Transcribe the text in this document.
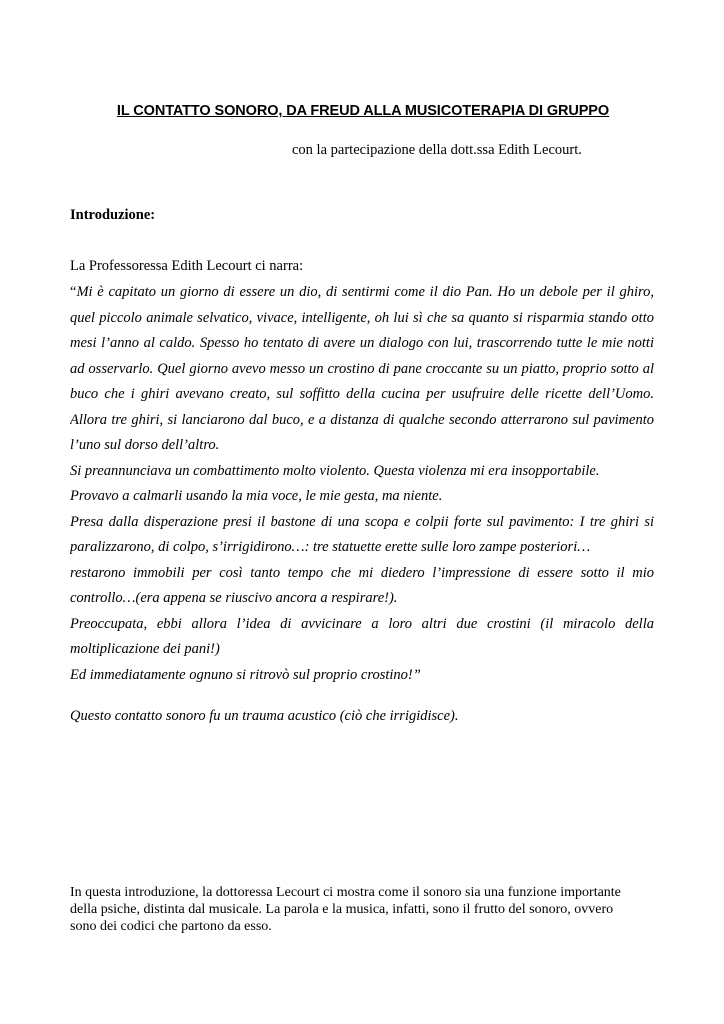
IL CONTATTO SONORO, DA FREUD ALLA MUSICOTERAPIA DI GRUPPO
con la partecipazione della dott.ssa Edith Lecourt.
Introduzione:
La Professoressa Edith Lecourt ci narra:
“Mi è capitato un giorno di essere un dio, di sentirmi come il dio Pan. Ho un debole per il ghiro,
quel piccolo animale selvatico, vivace, intelligente, oh lui sì che sa quanto si risparmia stando otto
mesi l’anno al caldo. Spesso ho tentato di avere un dialogo con lui, trascorrendo tutte le mie notti
ad osservarlo. Quel giorno avevo messo un crostino di pane croccante su un piatto, proprio sotto al
buco che i ghiri avevano creato, sul soffitto della cucina per usufruire delle ricette dell’Uomo.
Allora tre ghiri, si lanciarono dal buco, e a distanza di qualche secondo atterrarono sul pavimento
l’uno sul dorso dell’altro.
Si preannunciava un combattimento molto violento. Questa violenza mi era insopportabile.
Provavo a calmarli usando la mia voce, le mie gesta, ma niente.
Presa dalla disperazione presi il bastone di una scopa e colpii forte sul pavimento: I tre ghiri si
paralizzarono, di colpo, s’irrigidirono…: tre statuette erette sulle loro zampe posteriori…
restarono immobili per così tanto tempo che mi diedero l’impressione di essere sotto il mio
controllo…(era appena se riuscivo ancora a respirare!).
Preoccupata, ebbi allora l’idea di avvicinare a loro altri due crostini (il miracolo della
moltiplicazione dei pani!)
Ed immediatamente ognuno si ritrovò sul proprio crostino!”
Questo contatto sonoro fu un trauma acustico (ciò che irrigidisce).
In questa introduzione, la dottoressa Lecourt ci mostra come il sonoro sia una funzione importante
della psiche, distinta dal musicale. La parola e la musica, infatti, sono il frutto del sonoro, ovvero
sono dei codici che partono da esso.
